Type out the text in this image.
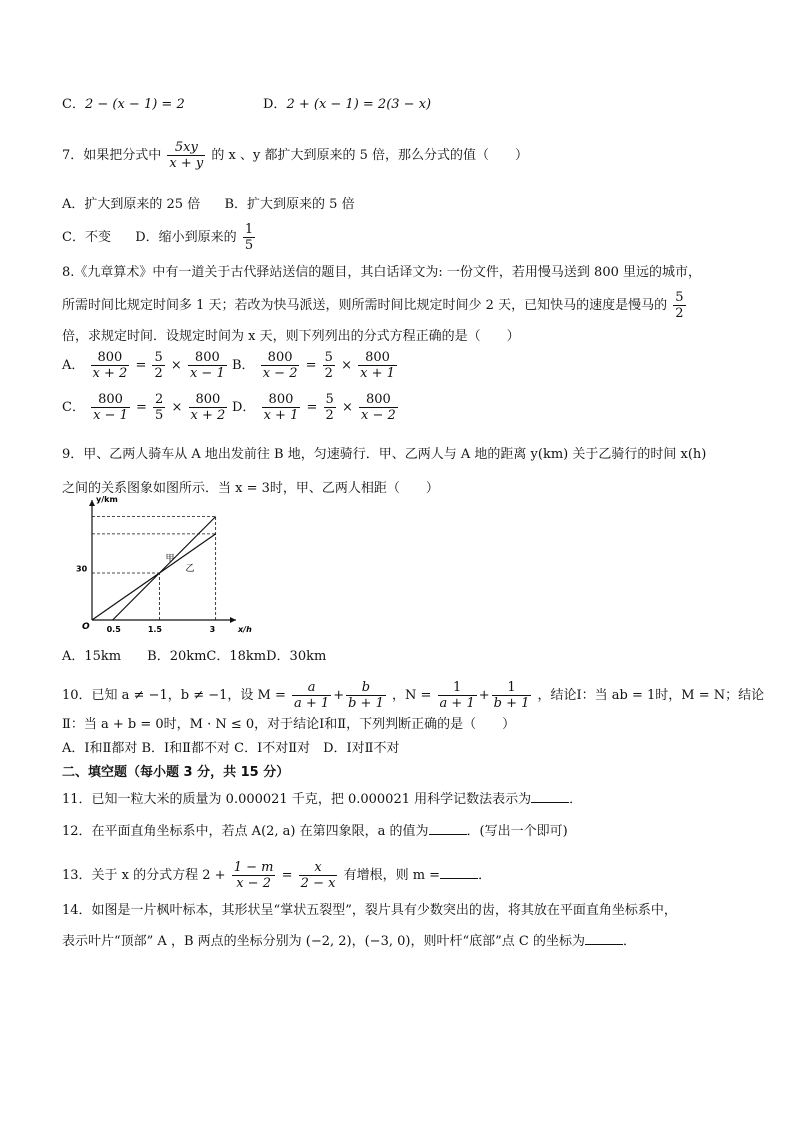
C．2 − (x − 1) = 2	D．2 + (x − 1) = 2(3 − x)
7．如果把分式中 $\frac{5xy}{x + y}$ 的 x 、y 都扩大到原来的 5 倍，那么分式的值（　　）
A．扩大到原来的 25 倍 B．扩大到原来的 5 倍
C．不变 D．缩小到原来的 $\frac{1}{5}$
8.《九章算术》中有一道关于古代驿站送信的题目，其白话译文为: 一份文件，若用慢马送到 800 里远的城市，
所需时间比规定时间多 1 天；若改为快马派送，则所需时间比规定时间少 2 天，已知快马的速度是慢马的 $\frac{5}{2}$
倍，求规定时间．设规定时间为 x 天，则下列列出的分式方程正确的是（　　）
A． $\frac{800}{x + 2} = \frac{5}{2} \times \frac{800}{x - 1}$ B． $\frac{800}{x - 2} = \frac{5}{2} \times \frac{800}{x + 1}$
C． $\frac{800}{x - 1} = \frac{2}{5} \times \frac{800}{x + 2}$ D． $\frac{800}{x + 1} = \frac{5}{2} \times \frac{800}{x - 2}$
9．甲、乙两人骑车从 A 地出发前往 B 地，匀速骑行．甲、乙两人与 A 地的距离 y(km) 关于乙骑行的时间 x(h)
之间的关系图象如图所示．当 x = 3时，甲、乙两人相距（　　）
y/km
x/h
O 0.5	1.5	3
30
甲
乙
A．15km　　B．20kmC．18kmD．30km
10．已知 a ≠ −1，b ≠ −1，设 $M = \frac{a}{a + 1} + \frac{b}{b + 1}$ ，$N = \frac{1}{a + 1} + \frac{1}{b + 1}$ ，结论Ⅰ：当 ab = 1时，M = N；结论
Ⅱ：当 a + b = 0时，M · N ≤ 0，对于结论Ⅰ和Ⅱ，下列判断正确的是（　　）
A．Ⅰ和Ⅱ都对 B．Ⅰ和Ⅱ都不对 C．Ⅰ不对Ⅱ对　D．Ⅰ对Ⅱ不对
二、填空题（每小题 3 分，共 15 分）
11．已知一粒大米的质量为 0.000021 千克，把 0.000021 用科学记数法表示为	．
12．在平面直角坐标系中，若点 A(2, a) 在第四象限，a 的值为	．(写出一个即可)
13．关于 x 的分式方程 $2 + \frac{1 - m}{x - 2} = \frac{x}{2 - x}$ 有增根，则 m =	．
14．如图是一片枫叶标本，其形状呈“掌状五裂型”，裂片具有少数突出的齿，将其放在平面直角坐标系中，
表示叶片“顶部” A ，B 两点的坐标分别为 (−2, 2)，(−3, 0)，则叶杆“底部”点 C 的坐标为	．
